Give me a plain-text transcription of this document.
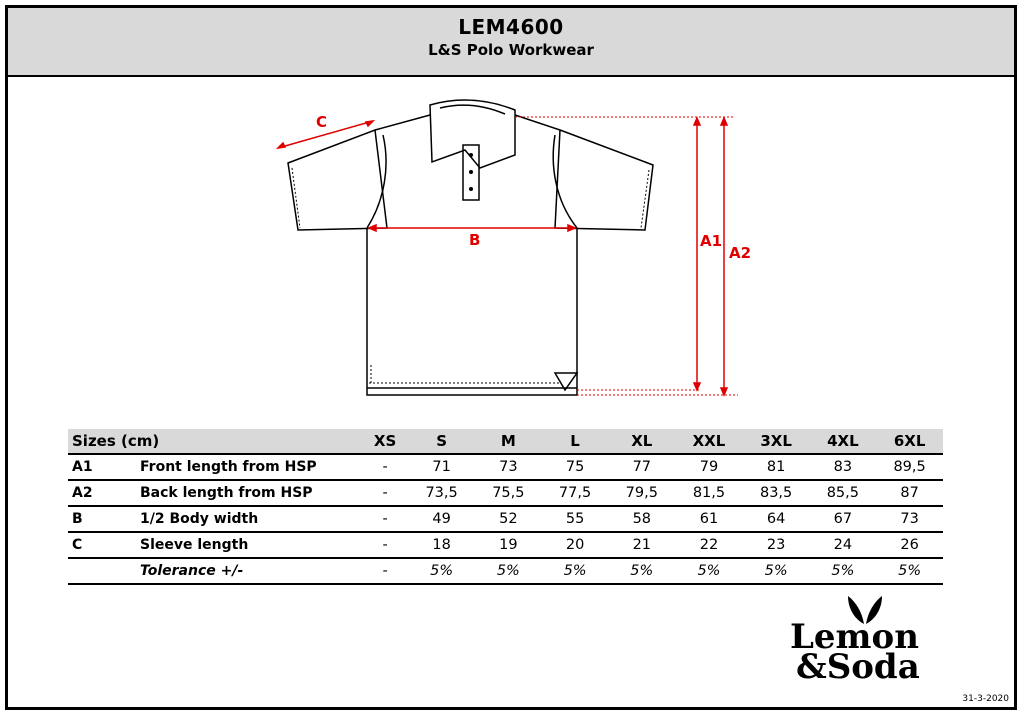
LEM4600
L&S Polo Workwear
C
B	A1
A2
Sizes (cm)		XS	S	M	L	XL	XXL	3XL	4XL	6XL
A1	Front length from HSP	-	71	73	75	77	79	81	83	89,5
A2	Back length from HSP	-	73,5	75,5	77,5	79,5	81,5	83,5	85,5	87
B	1/2 Body width	-	49	52	55	58	61	64	67	73
C	Sleeve length	-	18	19	20	21	22	23	24	26
	Tolerance +/-	-	5%	5%	5%	5%	5%	5%	5%	5%
Lemon
&Soda
31-3-2020
